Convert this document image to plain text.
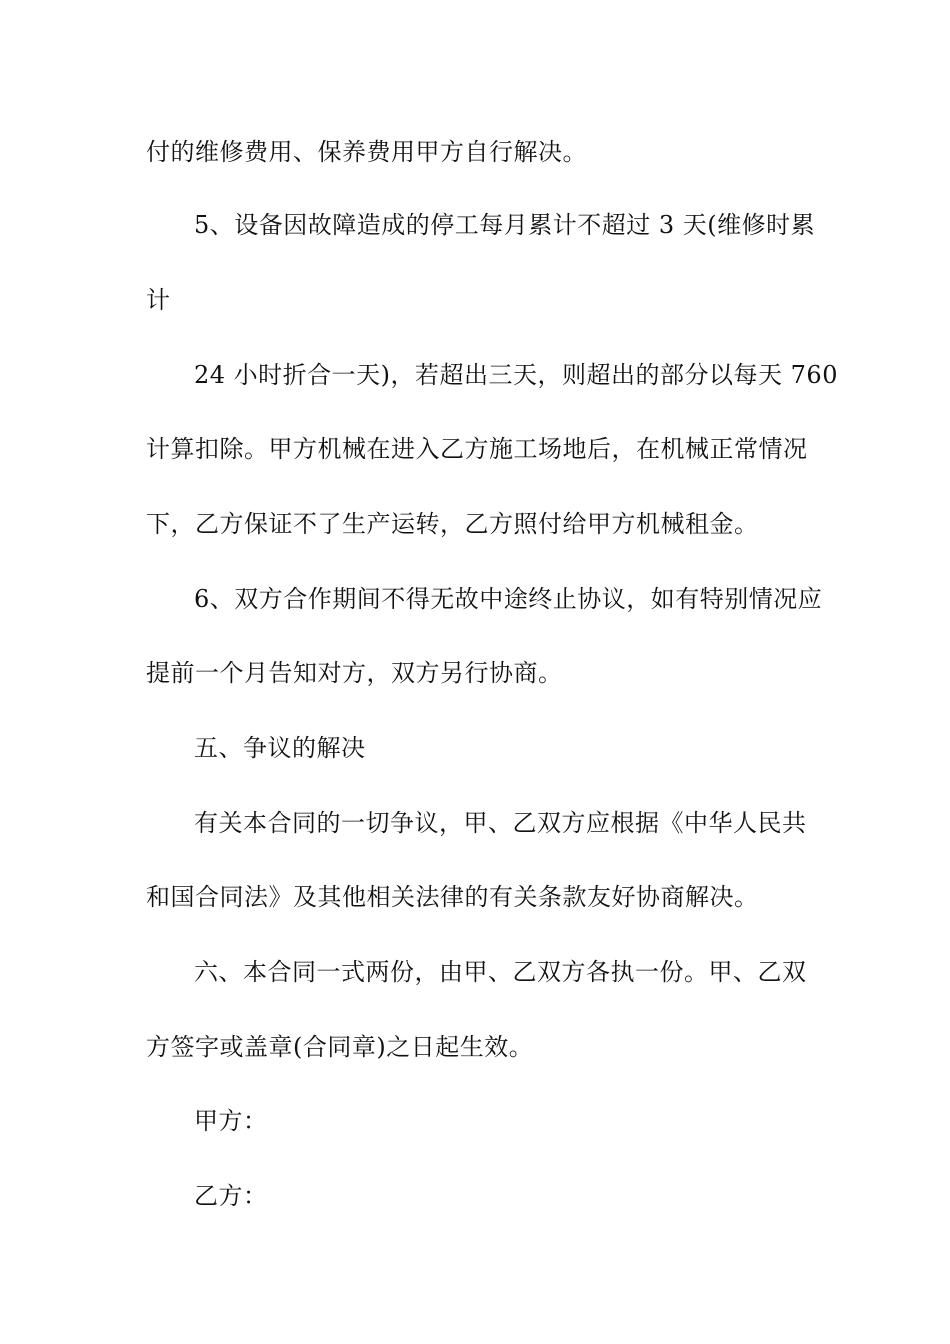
付的维修费用、保养费用甲方自行解决。
5、设备因故障造成的停工每月累计不超过 3 天(维修时累
计
24 小时折合一天)，若超出三天，则超出的部分以每天 760
计算扣除。甲方机械在进入乙方施工场地后，在机械正常情况
下，乙方保证不了生产运转，乙方照付给甲方机械租金。
6、双方合作期间不得无故中途终止协议，如有特别情况应
提前一个月告知对方，双方另行协商。
五、争议的解决
有关本合同的一切争议，甲、乙双方应根据《中华人民共
和国合同法》及其他相关法律的有关条款友好协商解决。
六、本合同一式两份，由甲、乙双方各执一份。甲、乙双
方签字或盖章(合同章)之日起生效。
甲方：
乙方：
